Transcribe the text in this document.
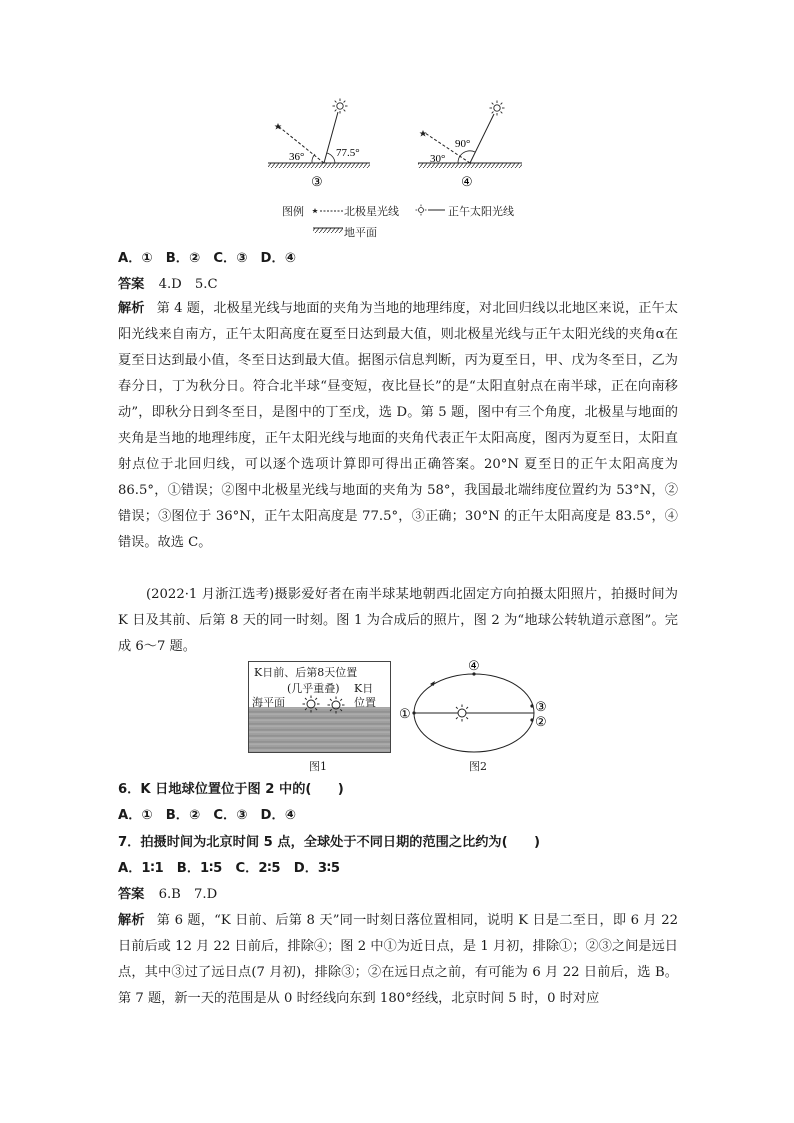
36°	77.5°
③
30°
90°
④
图例	北极星光线	正午太阳光线
地平面
A．①　B．②　C．③　D．④
答案 4.D　5.C
解析 第 4 题，北极星光线与地面的夹角为当地的地理纬度，对北回归线以北地区来说，正午太阳光线来自南方，正午太阳高度在夏至日达到最大值，则北极星光线与正午太阳光线的夹角α在夏至日达到最小值，冬至日达到最大值。据图示信息判断，丙为夏至日，甲、戊为冬至日，乙为春分日，丁为秋分日。符合北半球“昼变短，夜比昼长”的是“太阳直射点在南半球，正在向南移动”，即秋分日到冬至日，是图中的丁至戊，选 D。第 5 题，图中有三个角度，北极星与地面的夹角是当地的地理纬度，正午太阳光线与地面的夹角代表正午太阳高度，图丙为夏至日，太阳直射点位于北回归线，可以逐个选项计算即可得出正确答案。20°N 夏至日的正午太阳高度为 86.5°，①错误；②图中北极星光线与地面的夹角为 58°，我国最北端纬度位置约为 53°N，②错误；③图位于 36°N，正午太阳高度是 77.5°，③正确；30°N 的正午太阳高度是 83.5°，④错误。故选 C。
(2022·1 月浙江选考)摄影爱好者在南半球某地朝西北固定方向拍摄太阳照片，拍摄时间为 K 日及其前、后第 8 天的同一时刻。图 1 为合成后的照片，图 2 为“地球公转轨道示意图”。完成 6～7 题。
K日前、后第8天位置
(几乎重叠) K日
位置
海平面
图1
①
④
③
②
图2
6．K 日地球位置位于图 2 中的(　　)
A．①　B．②　C．③　D．④
7．拍摄时间为北京时间 5 点，全球处于不同日期的范围之比约为(　　)
A．1∶1　B．1∶5　C．2∶5　D．3∶5
答案 6.B　7.D
解析 第 6 题，“K 日前、后第 8 天”同一时刻日落位置相同，说明 K 日是二至日，即 6 月 22 日前后或 12 月 22 日前后，排除④；图 2 中①为近日点，是 1 月初，排除①；②③之间是远日点，其中③过了远日点(7 月初)，排除③；②在远日点之前，有可能为 6 月 22 日前后，选 B。第 7 题，新一天的范围是从 0 时经线向东到 180°经线，北京时间 5 时，0 时对应
